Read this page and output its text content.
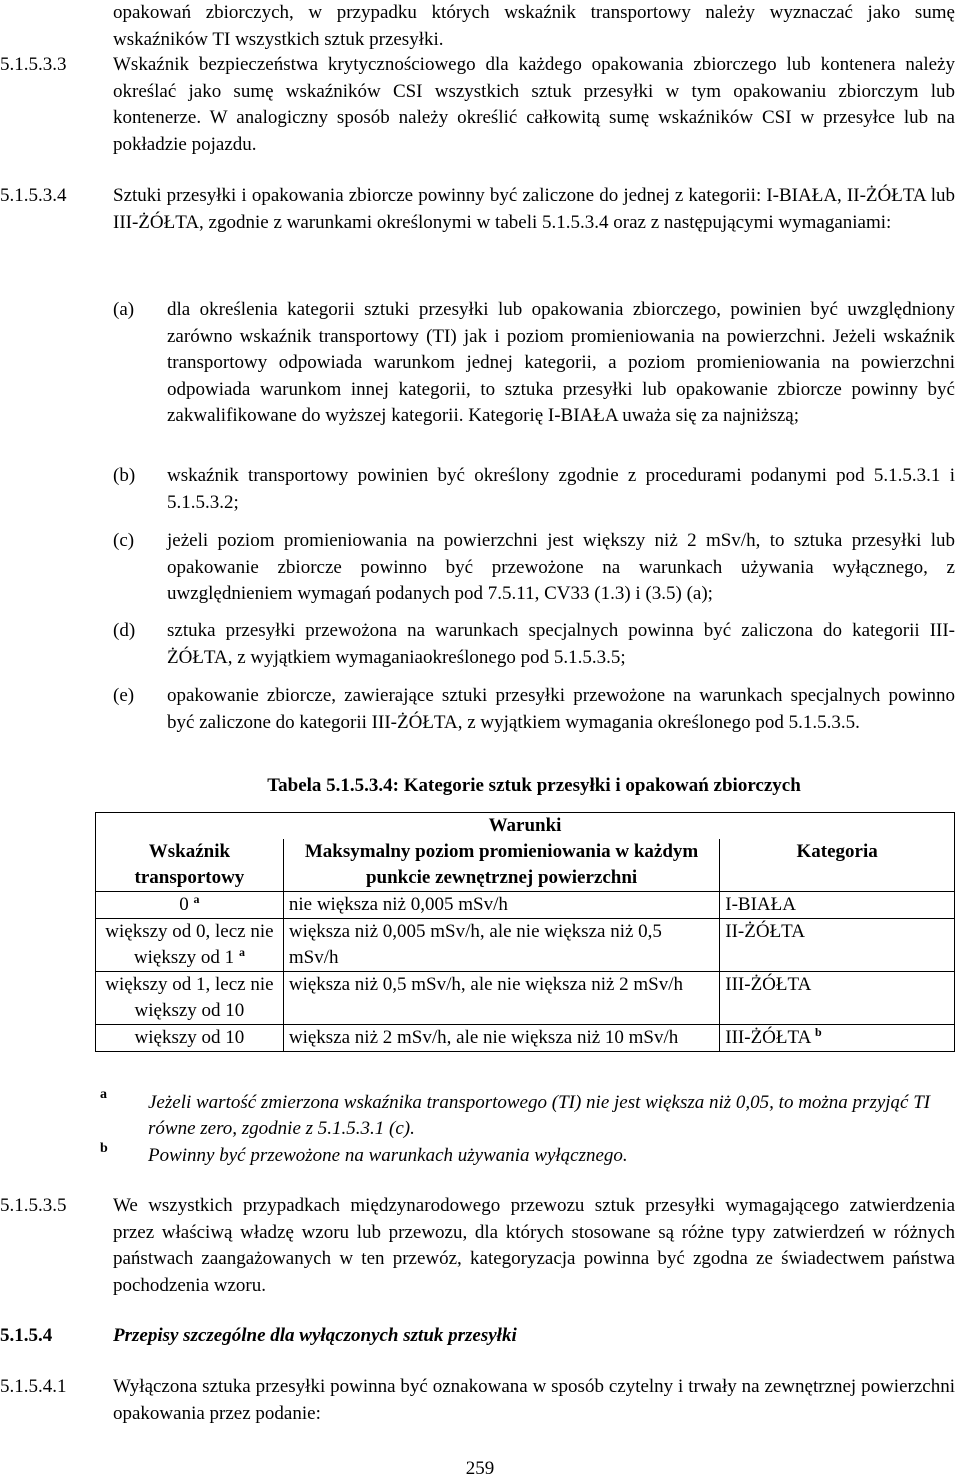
opakowań zbiorczych, w przypadku których wskaźnik transportowy należy wyznaczać jako sumę wskaźników TI wszystkich sztuk przesyłki.
5.1.5.3.3 Wskaźnik bezpieczeństwa krytycznościowego dla każdego opakowania zbiorczego lub kontenera należy określać jako sumę wskaźników CSI wszystkich sztuk przesyłki w tym opakowaniu zbiorczym lub kontenerze. W analogiczny sposób należy określić całkowitą sumę wskaźników CSI w przesyłce lub na pokładzie pojazdu.
5.1.5.3.4 Sztuki przesyłki i opakowania zbiorcze powinny być zaliczone do jednej z kategorii: I-BIAŁA, II-ŻÓŁTA lub III-ŻÓŁTA, zgodnie z warunkami określonymi w tabeli 5.1.5.3.4 oraz z następującymi wymaganiami:
(a) dla określenia kategorii sztuki przesyłki lub opakowania zbiorczego, powinien być uwzględniony zarówno wskaźnik transportowy (TI) jak i poziom promieniowania na powierzchni. Jeżeli wskaźnik transportowy odpowiada warunkom jednej kategorii, a poziom promieniowania na powierzchni odpowiada warunkom innej kategorii, to sztuka przesyłki lub opakowanie zbiorcze powinny być zakwalifikowane do wyższej kategorii. Kategorię I-BIAŁA uważa się za najniższą;
(b) wskaźnik transportowy powinien być określony zgodnie z procedurami podanymi pod 5.1.5.3.1 i 5.1.5.3.2;
(c) jeżeli poziom promieniowania na powierzchni jest większy niż 2 mSv/h, to sztuka przesyłki lub opakowanie zbiorcze powinno być przewożone na warunkach używania wyłącznego, z uwzględnieniem wymagań podanych pod 7.5.11, CV33 (1.3) i (3.5) (a);
(d) sztuka przesyłki przewożona na warunkach specjalnych powinna być zaliczona do kategorii III-ŻÓŁTA, z wyjątkiem wymaganiaokreślonego pod 5.1.5.3.5;
(e) opakowanie zbiorcze, zawierające sztuki przesyłki przewożone na warunkach specjalnych powinno być zaliczone do kategorii III-ŻÓŁTA, z wyjątkiem wymagania określonego pod 5.1.5.3.5.
Tabela 5.1.5.3.4: Kategorie sztuk przesyłki i opakowań zbiorczych
Warunki		
Wskaźnik transportowy	Maksymalny poziom promieniowania w każdym punkcie zewnętrznej powierzchni	Kategoria
0 $^a$	nie większa niż 0,005 mSv/h	I-BIAŁA
większy od 0, lecz nie większy od 1 $^a$	większa niż 0,005 mSv/h, ale nie większa niż 0,5 mSv/h	II-ŻÓŁTA
większy od 1, lecz nie większy od 10	większa niż 0,5 mSv/h, ale nie większa niż 2 mSv/h	III-ŻÓŁTA
większy od 10	większa niż 2 mSv/h, ale nie większa niż 10 mSv/h	III-ŻÓŁTA $^b$
a Jeżeli wartość zmierzona wskaźnika transportowego (TI) nie jest większa niż 0,05, to można przyjąć TI równe zero, zgodnie z 5.1.5.3.1 (c).
b Powinny być przewożone na warunkach używania wyłącznego.
5.1.5.3.5 We wszystkich przypadkach międzynarodowego przewozu sztuk przesyłki wymagającego zatwierdzenia przez właściwą władzę wzoru lub przewozu, dla których stosowane są różne typy zatwierdzeń w różnych państwach zaangażowanych w ten przewóz, kategoryzacja powinna być zgodna ze świadectwem państwa pochodzenia wzoru.
5.1.5.4	Przepisy szczególne dla wyłączonych sztuk przesyłki
5.1.5.4.1 Wyłączona sztuka przesyłki powinna być oznakowana w sposób czytelny i trwały na zewnętrznej powierzchni opakowania przez podanie:
259
